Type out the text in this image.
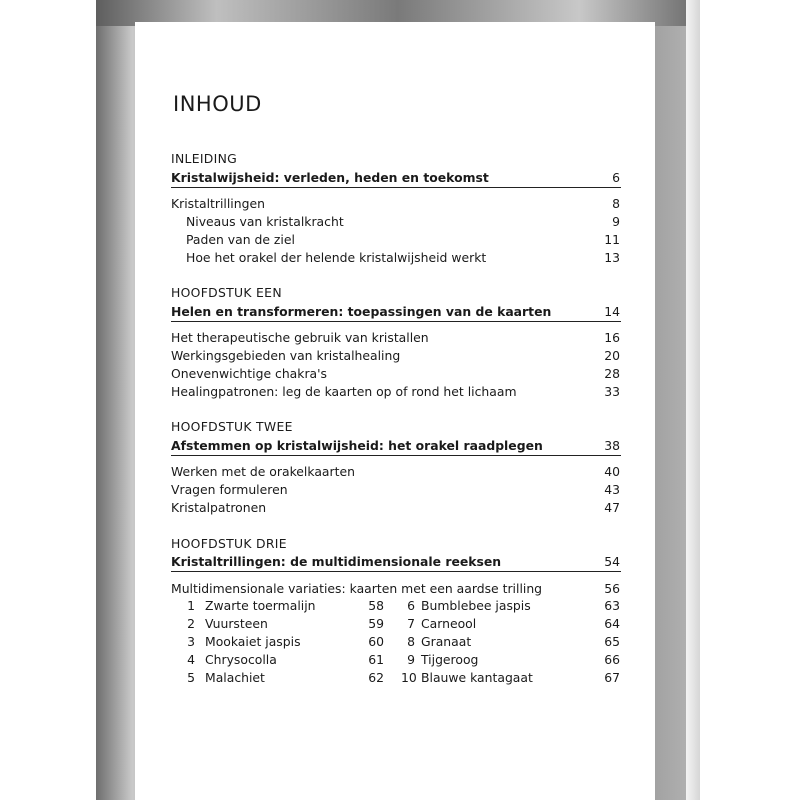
INHOUD
INLEIDING
Kristalwijsheid: verleden, heden en toekomst	6
Kristaltrillingen	8
Niveaus van kristalkracht	9
Paden van de ziel	11
Hoe het orakel der helende kristalwijsheid werkt	13
HOOFDSTUK EEN
Helen en transformeren: toepassingen van de kaarten	14
Het therapeutische gebruik van kristallen	16
Werkingsgebieden van kristalhealing	20
Onevenwichtige chakra's	28
Healingpatronen: leg de kaarten op of rond het lichaam	33
HOOFDSTUK TWEE
Afstemmen op kristalwijsheid: het orakel raadplegen	38
Werken met de orakelkaarten	40
Vragen formuleren	43
Kristalpatronen	47
HOOFDSTUK DRIE
Kristaltrillingen: de multidimensionale reeksen	54
Multidimensionale variaties: kaarten met een aardse trilling	56
1 Zwarte toermalijn	58
2 Vuursteen	59
3 Mookaiet jaspis	60
4 Chrysocolla	61
5 Malachiet	62
6 Bumblebee jaspis	63
7 Carneool	64
8 Granaat	65
9 Tijgeroog	66
10 Blauwe kantagaat	67
